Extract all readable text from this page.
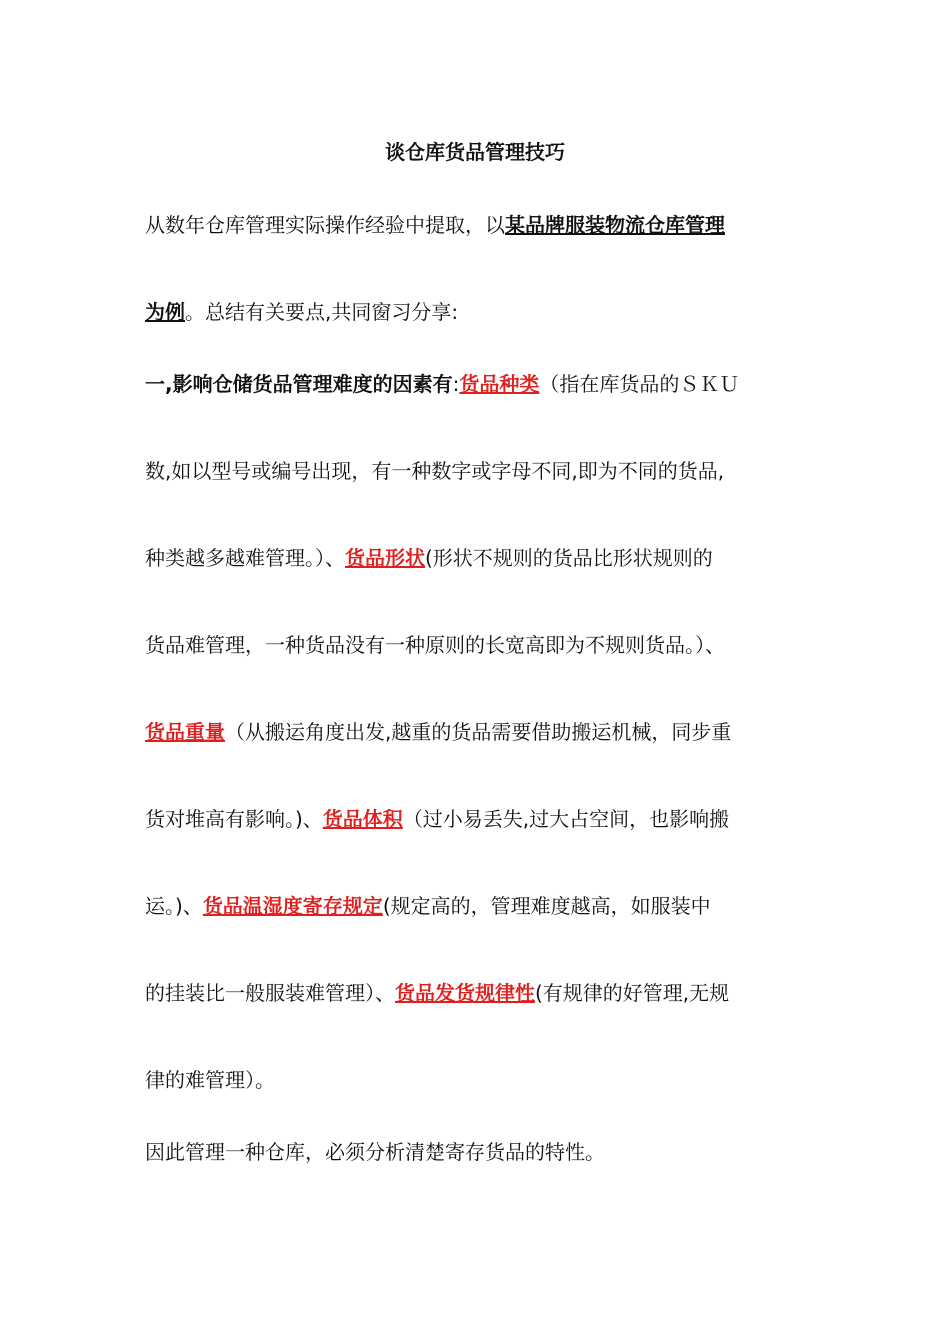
谈仓库货品管理技巧
从数年仓库管理实际操作经验中提取，以某品牌服装物流仓库管理
为例。总结有关要点,共同窗习分享:
一,影响仓储货品管理难度的因素有:货品种类（指在库货品的ＳＫＵ
数,如以型号或编号出现，有一种数字或字母不同,即为不同的货品,
种类越多越难管理。）、货品形状(形状不规则的货品比形状规则的
货品难管理，一种货品没有一种原则的长宽高即为不规则货品。）、
货品重量（从搬运角度出发,越重的货品需要借助搬运机械，同步重
货对堆高有影响。)、货品体积（过小易丢失,过大占空间，也影响搬
运。)、货品温湿度寄存规定(规定高的，管理难度越高，如服装中
的挂装比一般服装难管理）、货品发货规律性(有规律的好管理,无规
律的难管理）。
因此管理一种仓库，必须分析清楚寄存货品的特性。
